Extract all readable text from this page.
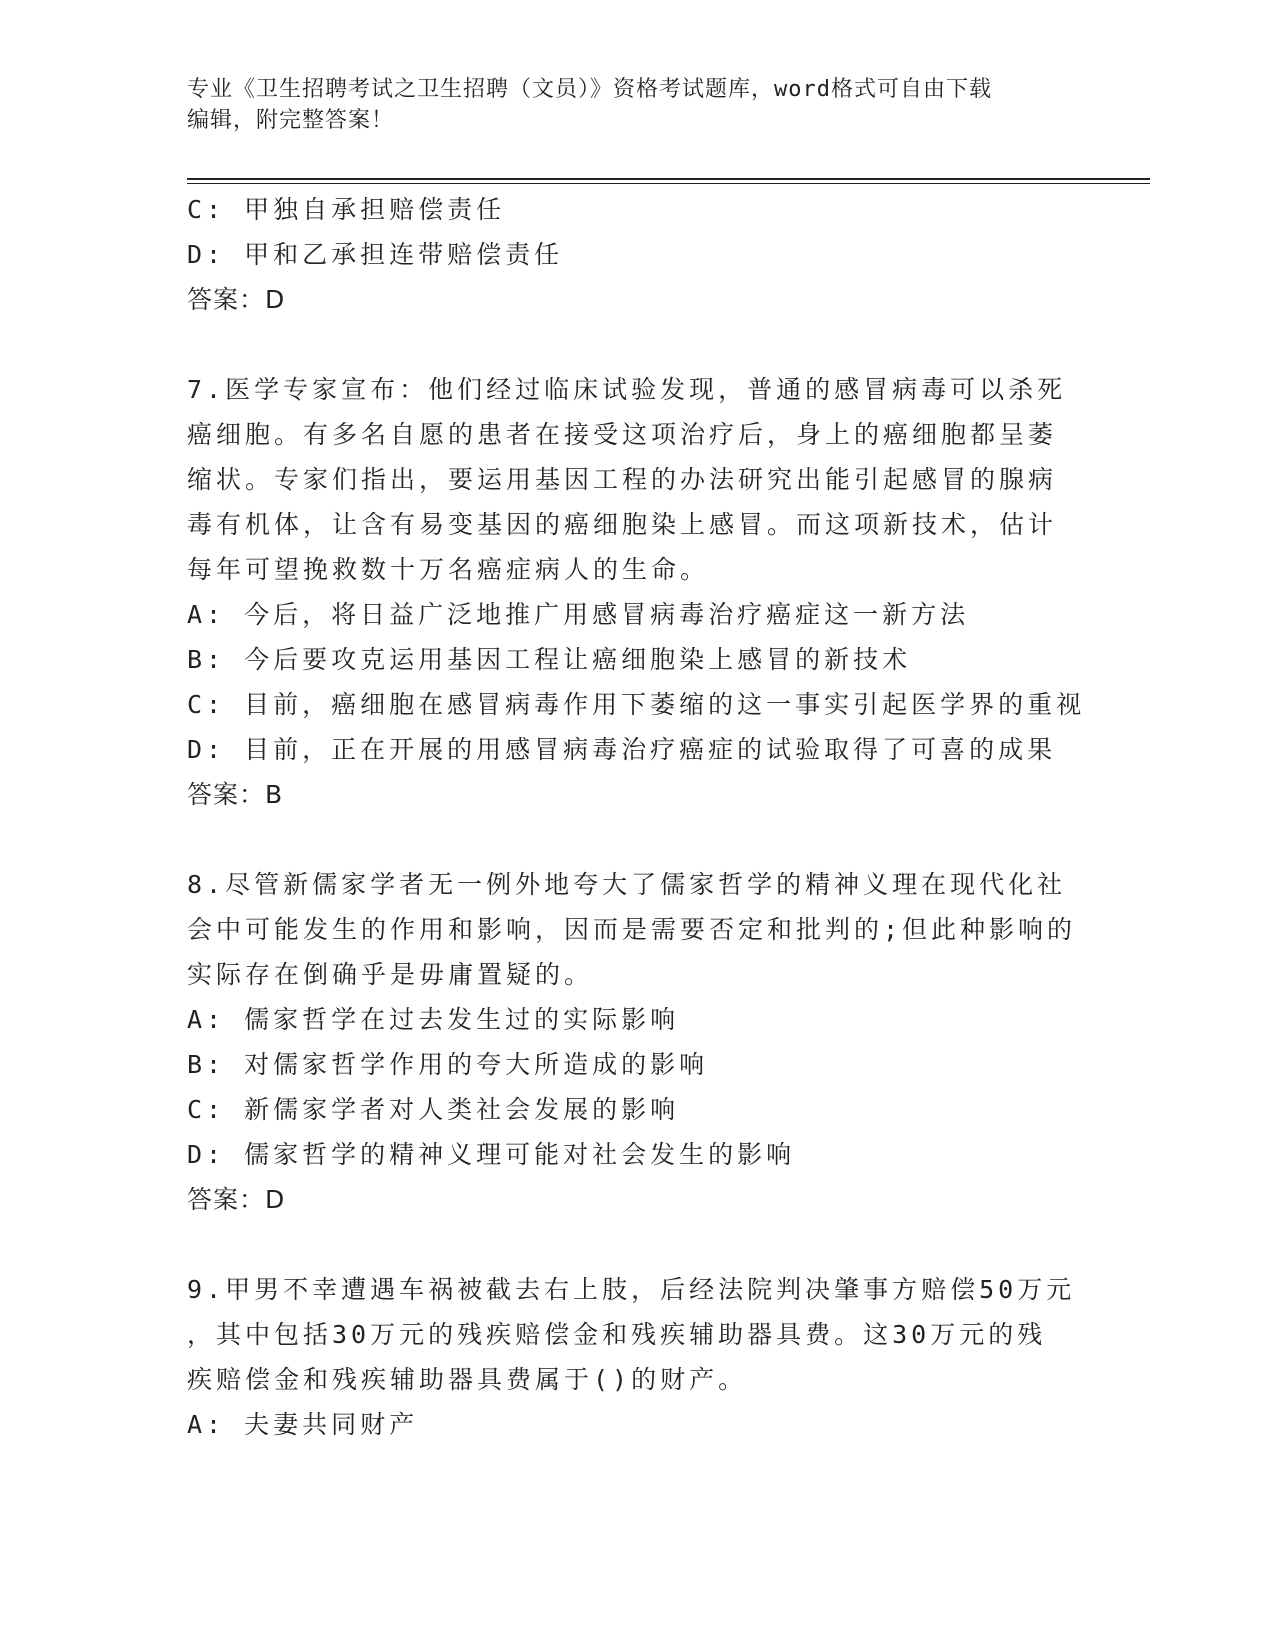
专业《卫生招聘考试之卫生招聘（文员）》资格考试题库，word格式可自由下载
编辑，附完整答案！
C: 甲独自承担赔偿责任
D: 甲和乙承担连带赔偿责任
答案：D
7.医学专家宣布：他们经过临床试验发现，普通的感冒病毒可以杀死
癌细胞。有多名自愿的患者在接受这项治疗后，身上的癌细胞都呈萎
缩状。专家们指出，要运用基因工程的办法研究出能引起感冒的腺病
毒有机体，让含有易变基因的癌细胞染上感冒。而这项新技术，估计
每年可望挽救数十万名癌症病人的生命。
A: 今后，将日益广泛地推广用感冒病毒治疗癌症这一新方法
B: 今后要攻克运用基因工程让癌细胞染上感冒的新技术
C: 目前，癌细胞在感冒病毒作用下萎缩的这一事实引起医学界的重视
D: 目前，正在开展的用感冒病毒治疗癌症的试验取得了可喜的成果
答案：B
8.尽管新儒家学者无一例外地夸大了儒家哲学的精神义理在现代化社
会中可能发生的作用和影响，因而是需要否定和批判的;但此种影响的
实际存在倒确乎是毋庸置疑的。
A: 儒家哲学在过去发生过的实际影响
B: 对儒家哲学作用的夸大所造成的影响
C: 新儒家学者对人类社会发展的影响
D: 儒家哲学的精神义理可能对社会发生的影响
答案：D
9.甲男不幸遭遇车祸被截去右上肢，后经法院判决肇事方赔偿50万元
，其中包括30万元的残疾赔偿金和残疾辅助器具费。这30万元的残
疾赔偿金和残疾辅助器具费属于()的财产。
A: 夫妻共同财产
